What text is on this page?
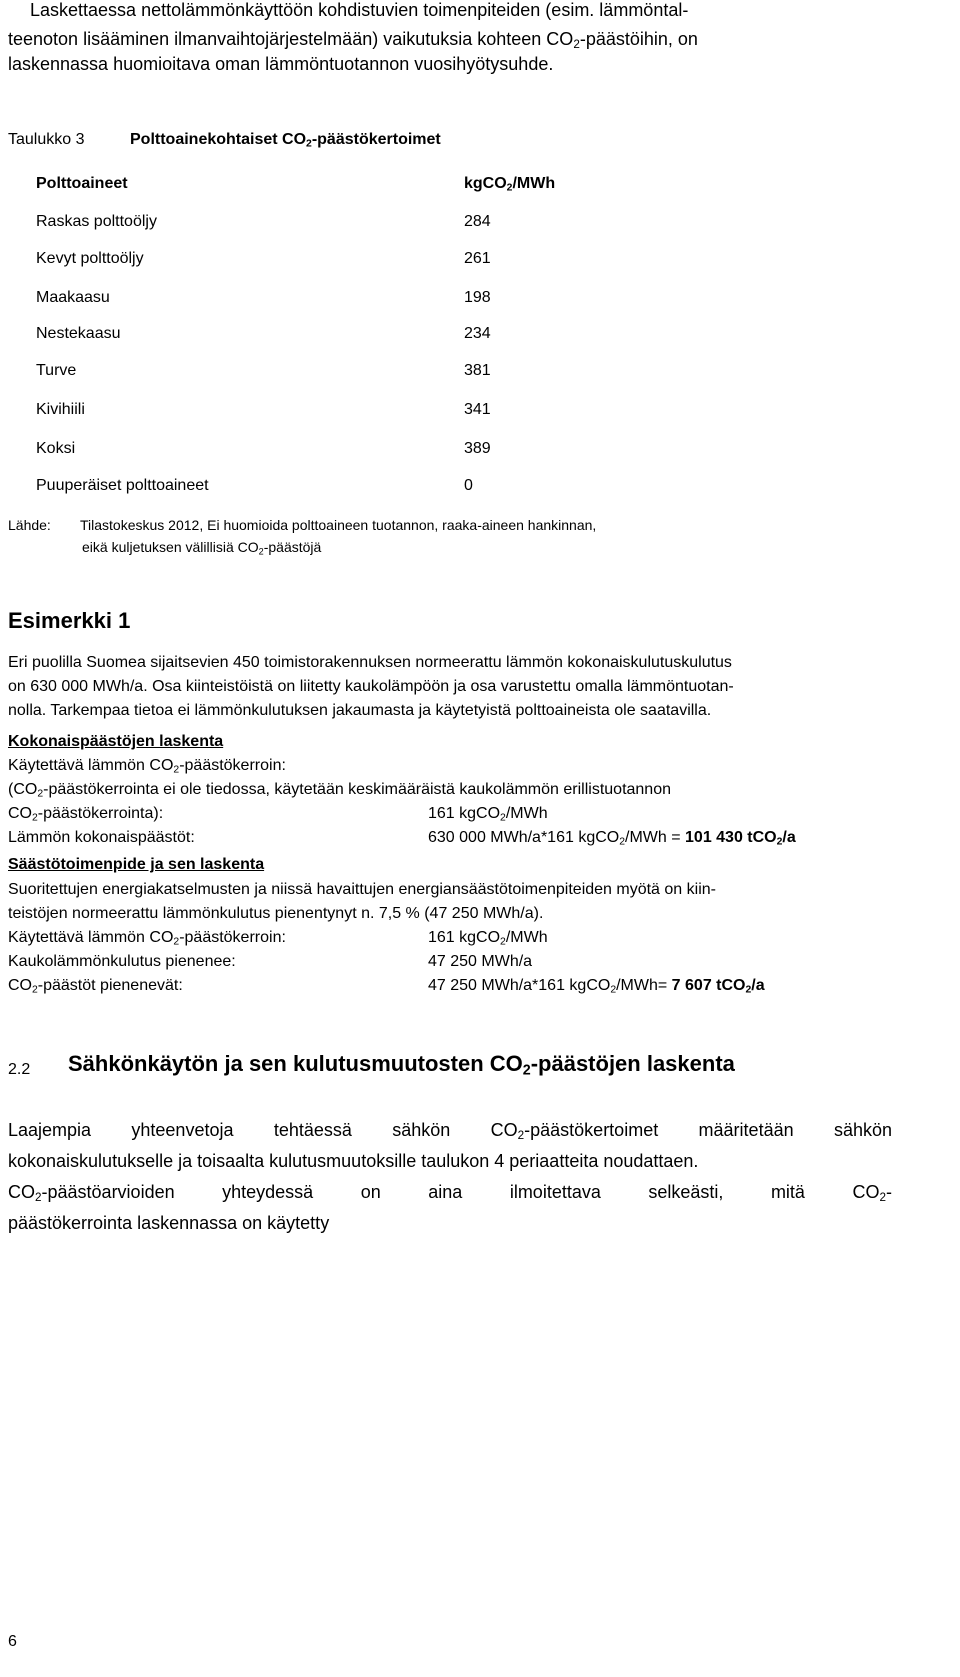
Laskettaessa nettolämmönkäyttöön kohdistuvien toimenpiteiden (esim. lämmöntal-
teenoton lisääminen ilmanvaihtojärjestelmään) vaikutuksia kohteen $CO_2$-päästöihin, on
laskennassa huomioitava oman lämmöntuotannon vuosihyötysuhde.
Taulukko 3	Polttoainekohtaiset $CO_2$-päästökertoimet
Polttoaineet	kgCO$_2$/MWh
Raskas polttoöljy	284
Kevyt polttoöljy	261
Maakaasu	198
Nestekaasu	234
Turve	381
Kivihiili	341
Koksi	389
Puuperäiset polttoaineet	0
Lähde: Tilastokeskus 2012, Ei huomioida polttoaineen tuotannon, raaka-aineen hankinnan,
eikä kuljetuksen välillisiä $CO_2$-päästöjä
Esimerkki 1
Eri puolilla Suomea sijaitsevien 450 toimistorakennuksen normeerattu lämmön kokonaiskulutuskulutus
on 630 000 MWh/a. Osa kiinteistöistä on liitetty kaukolämpöön ja osa varustettu omalla lämmöntuotan-
nolla. Tarkempaa tietoa ei lämmönkulutuksen jakaumasta ja käytetyistä polttoaineista ole saatavilla.
Kokonaispäästöjen laskenta
Käytettävä lämmön $CO_2$-päästökerroin:
($CO_2$-päästökerrointa ei ole tiedossa, käytetään keskimääräistä kaukolämmön erillistuotannon
$CO_2-päästökerrointa$):	161 kgCO$_2$/MWh
Lämmön kokonaispäästöt:	630 000 MWh/a*161 kgCO$_2$/MWh = 101 430 tCO$_2$/a
Säästötoimenpide ja sen laskenta
Suoritettujen energiakatselmusten ja niissä havaittujen energiansäästötoimenpiteiden myötä on kiin-
teistöjen normeerattu lämmönkulutus pienentynyt n. 7,5 % (47 250 MWh/a).
Käytettävä lämmön $CO_2$-päästökerroin:	161 kgCO$_2$/MWh
Kaukolämmönkulutus pienenee:	47 250 MWh/a
$CO_2$-päästöt pienenevät:	47 250 MWh/a*161 kgCO$_2$/MWh= 7 607 tCO$_2$/a
2.2 Sähkönkäytön ja sen kulutusmuutosten $CO_2$-päästöjen laskenta
Laajempia yhteenvetoja tehtäessä sähkön $CO_2$-päästökertoimet määritetään sähkön
kokonaiskulutukselle ja toisaalta kulutusmuutoksille taulukon 4 periaatteita noudattaen.
$CO_2$-päästöarvioiden yhteydessä on aina ilmoitettava selkeästi, mitä $CO_2-$
päästökerrointa laskennassa on käytetty
6
